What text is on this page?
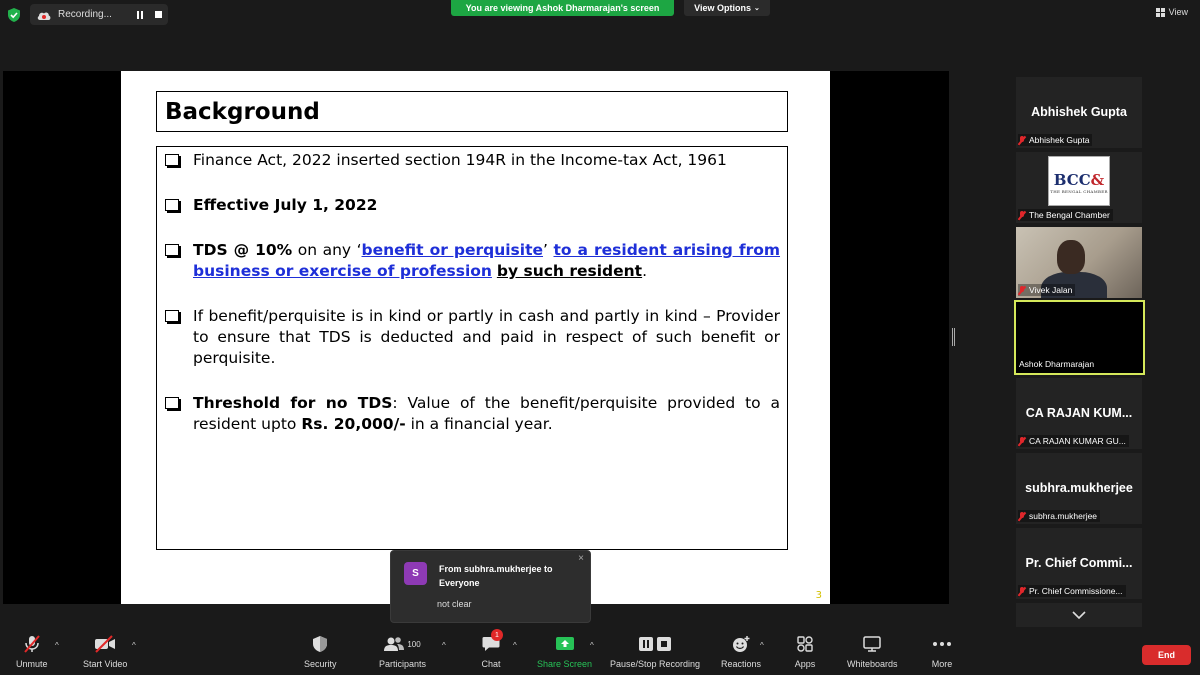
Recording...
You are viewing Ashok Dharmarajan's screen	View Options ⌄	View
Background
Finance Act, 2022 inserted section 194R in the Income-tax Act, 1961
Effective July 1, 2022
TDS @ 10% on any ‘benefit or perquisite’ to a resident arising from business or exercise of profession by such resident.
If benefit/perquisite is in kind or partly in cash and partly in kind – Provider to ensure that TDS is deducted and paid in respect of such benefit or perquisite.
Threshold for no TDS: Value of the benefit/perquisite provided to a resident upto Rs. 20,000/- in a financial year.
3
Abhishek Gupta
Abhishek Gupta
BCC&
THE BENGAL CHAMBER
The Bengal Chamber
Vivek Jalan
Ashok Dharmarajan
CA RAJAN KUM...
CA RAJAN KUMAR GU...
subhra.mukherjee
subhra.mukherjee
Pr. Chief Commi...
Pr. Chief Commissione...
S	From subhra.mukherjee to Everyone
not clear
×
Unmute
^
Start Video
^
Security
100
Participants
^
1
Chat
^
Share Screen
^
Pause/Stop Recording Reactions
^
Apps	Whiteboards	More
End
